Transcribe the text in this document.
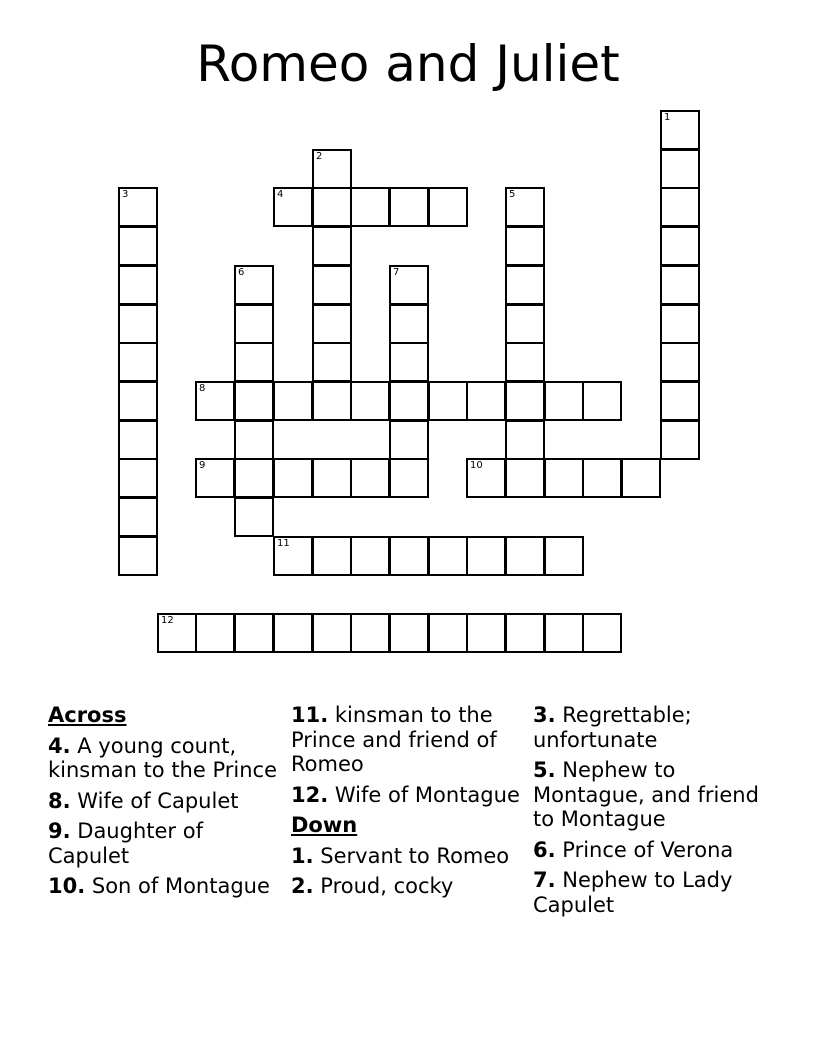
Romeo and Juliet
1
2
3	4	5
6	7
8
9	10
11
12
Across
4. A young count, kinsman to the Prince
8. Wife of Capulet
9. Daughter of Capulet
10. Son of Montague
11. kinsman to the Prince and friend of Romeo
12. Wife of Montague
Down
1. Servant to Romeo
2. Proud, cocky
3. Regrettable; unfortunate
5. Nephew to Montague, and friend to Montague
6. Prince of Verona
7. Nephew to Lady Capulet
